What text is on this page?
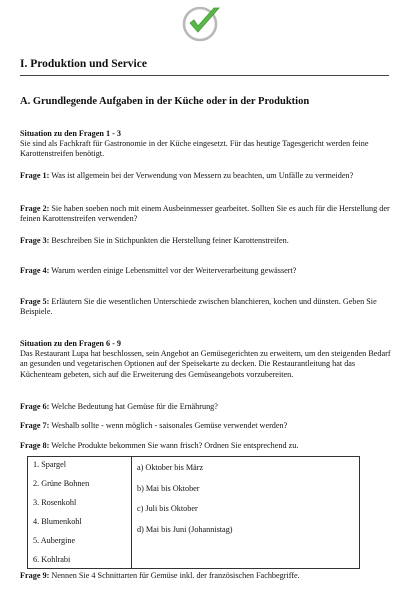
I. Produktion und Service
A. Grundlegende Aufgaben in der Küche oder in der Produktion
Situation zu den Fragen 1 - 3
Sie sind als Fachkraft für Gastronomie in der Küche eingesetzt. Für das heutige Tagesgericht werden feine Karottenstreifen benötigt.
Frage 1: Was ist allgemein bei der Verwendung von Messern zu beachten, um Unfälle zu vermeiden?
Frage 2: Sie haben soeben noch mit einem Ausbeinmesser gearbeitet. Sollten Sie es auch für die Herstellung der feinen Karottenstreifen verwenden?
Frage 3: Beschreiben Sie in Stichpunkten die Herstellung feiner Karottenstreifen.
Frage 4: Warum werden einige Lebensmittel vor der Weiterverarbeitung gewässert?
Frage 5: Erläutern Sie die wesentlichen Unterschiede zwischen blanchieren, kochen und dünsten. Geben Sie Beispiele.
Situation zu den Fragen 6 - 9
Das Restaurant Lupa hat beschlossen, sein Angebot an Gemüsegerichten zu erweitern, um den steigenden Bedarf an gesunden und vegetarischen Optionen auf der Speisekarte zu decken. Die Restaurantleitung hat das Küchenteam gebeten, sich auf die Erweiterung des Gemüseangebots vorzubereiten.
Frage 6: Welche Bedeutung hat Gemüse für die Ernährung?
Frage 7: Weshalb sollte - wenn möglich - saisonales Gemüse verwendet werden?
Frage 8: Welche Produkte bekommen Sie wann frisch? Ordnen Sie entsprechend zu.
1. Spargel
2. Grüne Bohnen
3. Rosenkohl
4. Blumenkohl
5. Aubergine
6. Kohlrabi

a) Oktober bis März
b) Mai bis Oktober
c) Juli bis Oktober
d) Mai bis Juni (Johannistag)
Frage 9: Nennen Sie 4 Schnittarten für Gemüse inkl. der französischen Fachbegriffe.
